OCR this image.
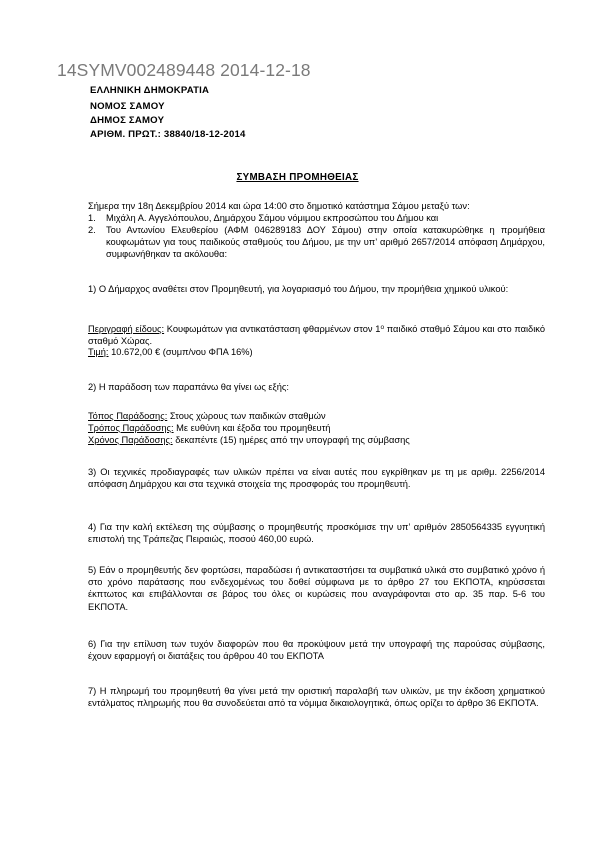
14SYMV002489448 2014-12-18
ΕΛΛΗΝΙΚΗ ΔΗΜΟΚΡΑΤΙΑ
ΝΟΜΟΣ ΣΑΜΟΥ
ΔΗΜΟΣ ΣΑΜΟΥ
ΑΡΙΘΜ. ΠΡΩΤ.: 38840/18-12-2014
ΣΥΜΒΑΣΗ ΠΡΟΜΗΘΕΙΑΣ
Σήμερα την 18η Δεκεμβρίου 2014 και ώρα 14:00 στο δημοτικό κατάστημα Σάμου μεταξύ των:
1.	Μιχάλη Α. Αγγελόπουλου, Δημάρχου Σάμου νόμιμου εκπροσώπου του Δήμου και
2.	Του Αντωνίου Ελευθερίου (ΑΦΜ 046289183 ΔΟΥ Σάμου) στην οποία κατακυρώθηκε η προμήθεια κουφωμάτων για τους παιδικούς σταθμούς του Δήμου, με την υπ’ αριθμό 2657/2014 απόφαση Δημάρχου, συμφωνήθηκαν τα ακόλουθα:
1) Ο Δήμαρχος αναθέτει στον Προμηθευτή, για λογαριασμό του Δήμου, την προμήθεια χημικού υλικού:
Περιγραφή είδους: Κουφωμάτων για αντικατάσταση φθαρμένων στον $1^o$ παιδικό σταθμό Σάμου και στο παιδικό σταθμό Χώρας.
Τιμή: 10.672,00 € (συμπ/νου ΦΠΑ 16%)
2) Η παράδοση των παραπάνω θα γίνει ως εξής:
Τόπος Παράδοσης: Στους χώρους των παιδικών σταθμών
Τρόπος Παράδοσης: Με ευθύνη και έξοδα του προμηθευτή
Χρόνος Παράδοσης: δεκαπέντε (15) ημέρες από την υπογραφή της σύμβασης
3) Οι τεχνικές προδιαγραφές των υλικών πρέπει να είναι αυτές που εγκρίθηκαν με τη με αριθμ. 2256/2014 απόφαση Δημάρχου και στα τεχνικά στοιχεία της προσφοράς του προμηθευτή.
4) Για την καλή εκτέλεση της σύμβασης ο προμηθευτής προσκόμισε την υπ’ αριθμόν 2850564335 εγγυητική επιστολή της Τράπεζας Πειραιώς, ποσού 460,00 ευρώ.
5) Εάν ο προμηθευτής δεν φορτώσει, παραδώσει ή αντικαταστήσει τα συμβατικά υλικά στο συμβατικό χρόνο ή στο χρόνο παράτασης που ενδεχομένως του δοθεί σύμφωνα με το άρθρο 27 του ΕΚΠΟΤΑ, κηρύσσεται έκπτωτος και επιβάλλονται σε βάρος του όλες οι κυρώσεις που αναγράφονται στο αρ. 35 παρ. 5-6 του ΕΚΠΟΤΑ.
6) Για την επίλυση των τυχόν διαφορών που θα προκύψουν μετά την υπογραφή της παρούσας σύμβασης, έχουν εφαρμογή οι διατάξεις του άρθρου 40 του ΕΚΠΟΤΑ
7) Η πληρωμή του προμηθευτή θα γίνει μετά την οριστική παραλαβή των υλικών, με την έκδοση χρηματικού εντάλματος πληρωμής που θα συνοδεύεται από τα νόμιμα δικαιολογητικά, όπως ορίζει το άρθρο 36 ΕΚΠΟΤΑ.
